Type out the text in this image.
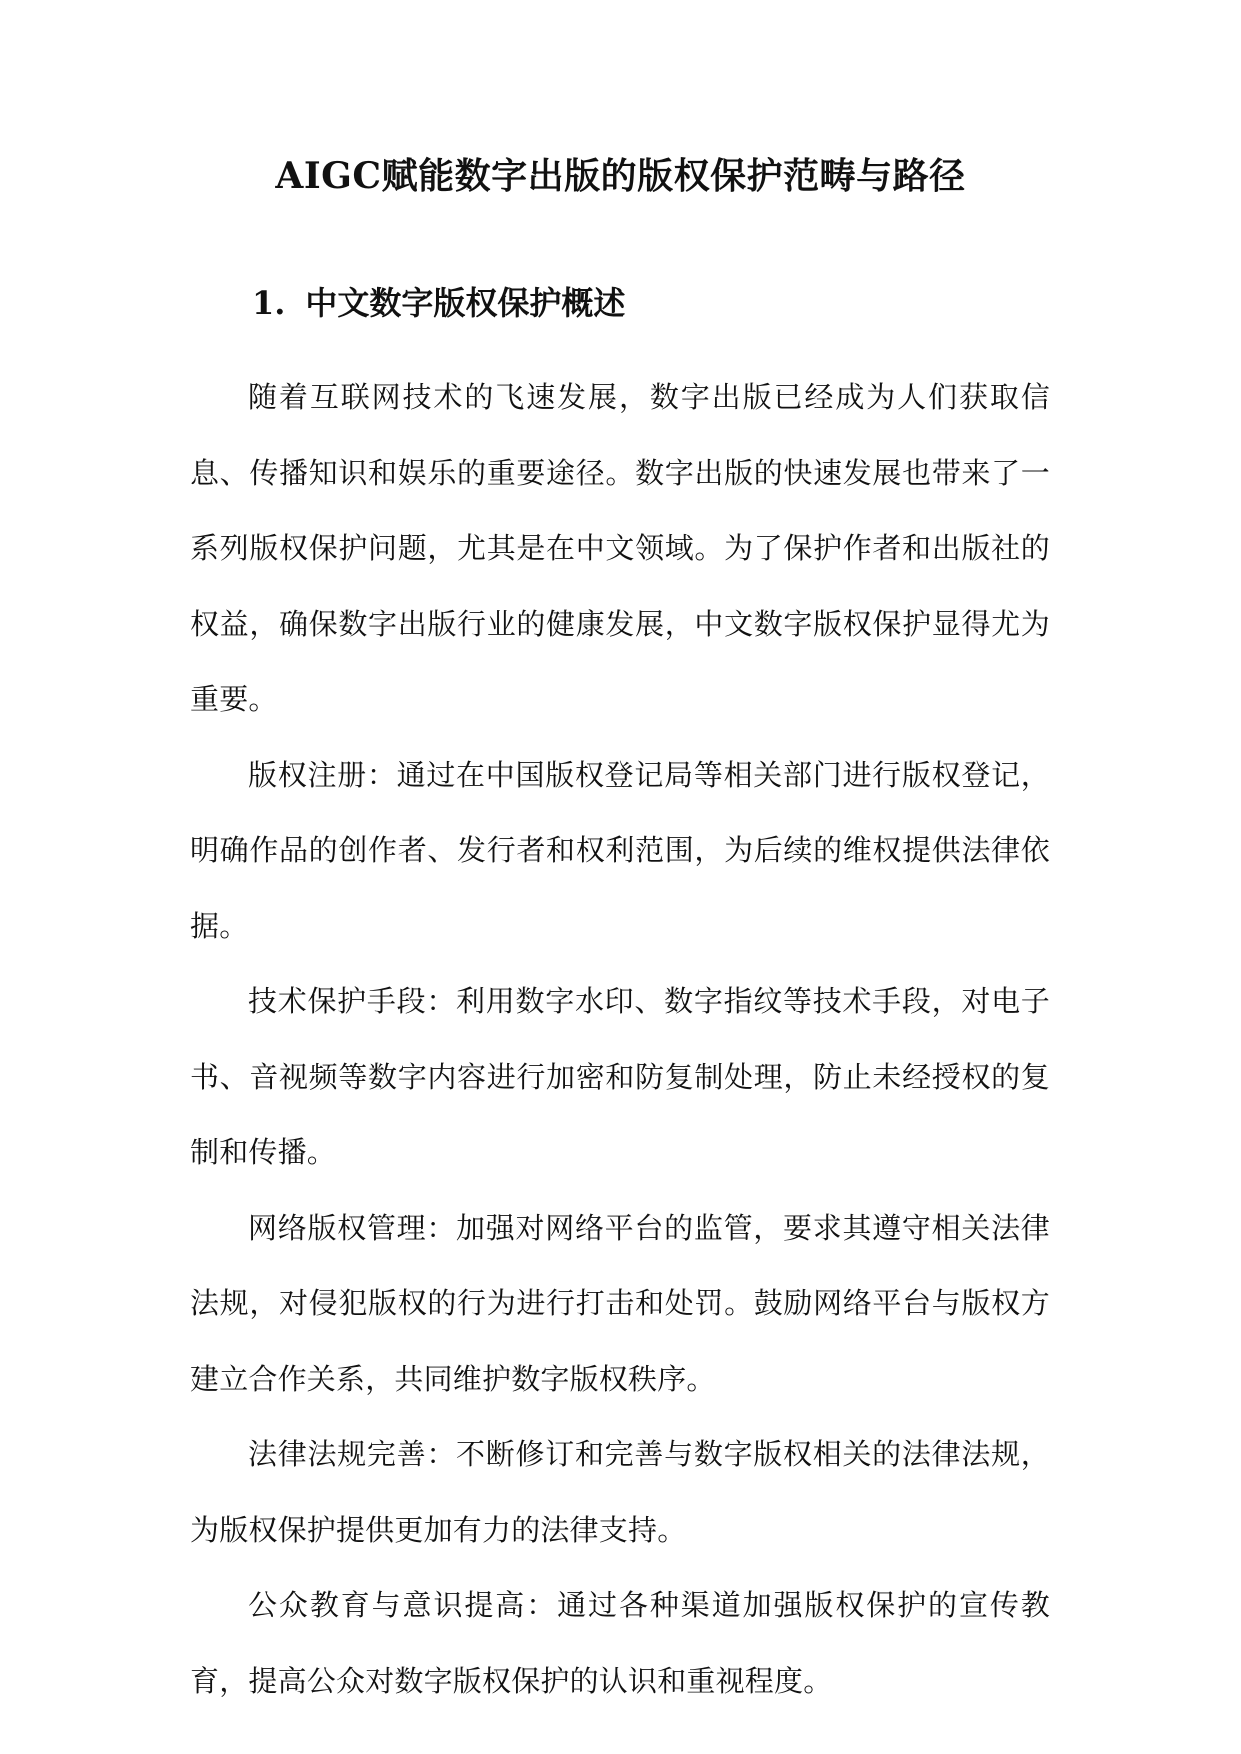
AIGC赋能数字出版的版权保护范畴与路径
1. 中文数字版权保护概述

随着互联网技术的飞速发展，数字出版已经成为人们获取信息、传播知识和娱乐的重要途径。数字出版的快速发展也带来了一系列版权保护问题，尤其是在中文领域。为了保护作者和出版社的权益，确保数字出版行业的健康发展，中文数字版权保护显得尤为重要。

版权注册：通过在中国版权登记局等相关部门进行版权登记，明确作品的创作者、发行者和权利范围，为后续的维权提供法律依据。

技术保护手段：利用数字水印、数字指纹等技术手段，对电子书、音视频等数字内容进行加密和防复制处理，防止未经授权的复制和传播。

网络版权管理：加强对网络平台的监管，要求其遵守相关法律法规，对侵犯版权的行为进行打击和处罚。鼓励网络平台与版权方建立合作关系，共同维护数字版权秩序。

法律法规完善：不断修订和完善与数字版权相关的法律法规，为版权保护提供更加有力的法律支持。

公众教育与意识提高：通过各种渠道加强版权保护的宣传教育，提高公众对数字版权保护的认识和重视程度。
